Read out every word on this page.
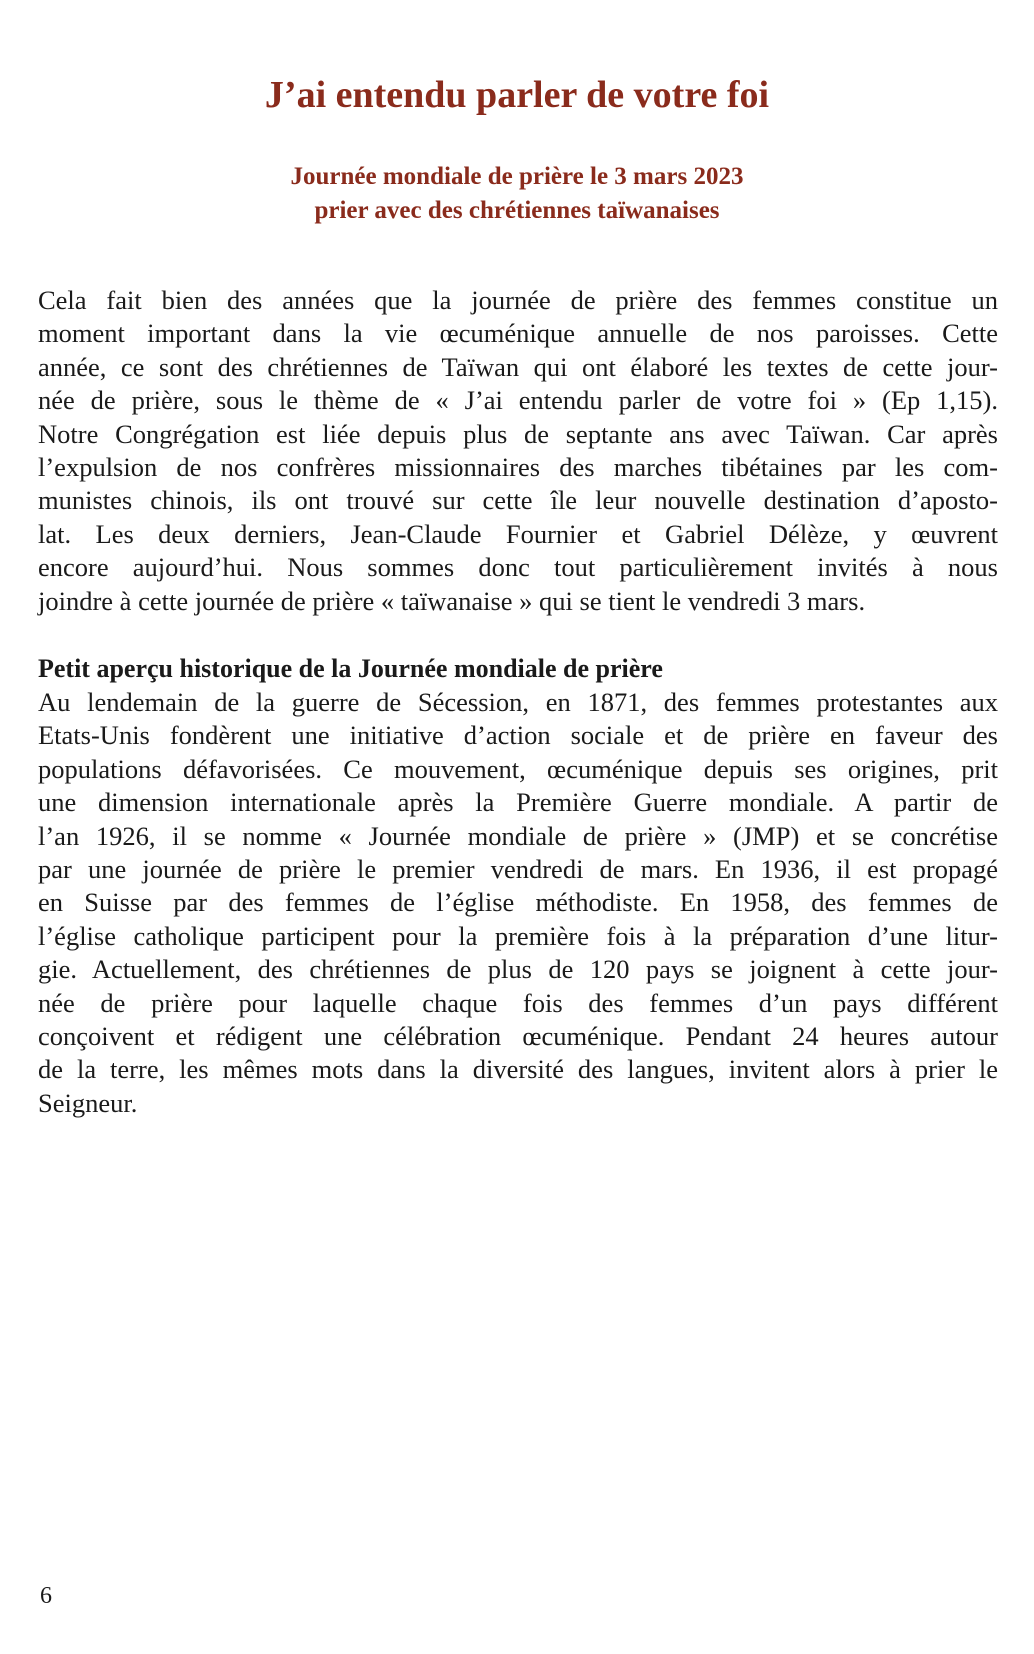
J’ai entendu parler de votre foi
Journée mondiale de prière le 3 mars 2023
prier avec des chrétiennes taïwanaises
Cela fait bien des années que la journée de prière des femmes constitue un
moment important dans la vie œcuménique annuelle de nos paroisses. Cette
année, ce sont des chrétiennes de Taïwan qui ont élaboré les textes de cette jour-
née de prière, sous le thème de « J’ai entendu parler de votre foi » (Ep 1,15).
Notre Congrégation est liée depuis plus de septante ans avec Taïwan. Car après
l’expulsion de nos confrères missionnaires des marches tibétaines par les com-
munistes chinois, ils ont trouvé sur cette île leur nouvelle destination d’aposto-
lat. Les deux derniers, Jean-Claude Fournier et Gabriel Délèze, y œuvrent
encore aujourd’hui. Nous sommes donc tout particulièrement invités à nous
joindre à cette journée de prière « taïwanaise » qui se tient le vendredi 3 mars.
Petit aperçu historique de la Journée mondiale de prière
Au lendemain de la guerre de Sécession, en 1871, des femmes protestantes aux
Etats-Unis fondèrent une initiative d’action sociale et de prière en faveur des
populations défavorisées. Ce mouvement, œcuménique depuis ses origines, prit
une dimension internationale après la Première Guerre mondiale. A partir de
l’an 1926, il se nomme « Journée mondiale de prière » (JMP) et se concrétise
par une journée de prière le premier vendredi de mars. En 1936, il est propagé
en Suisse par des femmes de l’église méthodiste. En 1958, des femmes de
l’église catholique participent pour la première fois à la préparation d’une litur-
gie. Actuellement, des chrétiennes de plus de 120 pays se joignent à cette jour-
née de prière pour laquelle chaque fois des femmes d’un pays différent
conçoivent et rédigent une célébration œcuménique. Pendant 24 heures autour
de la terre, les mêmes mots dans la diversité des langues, invitent alors à prier le
Seigneur.
6
